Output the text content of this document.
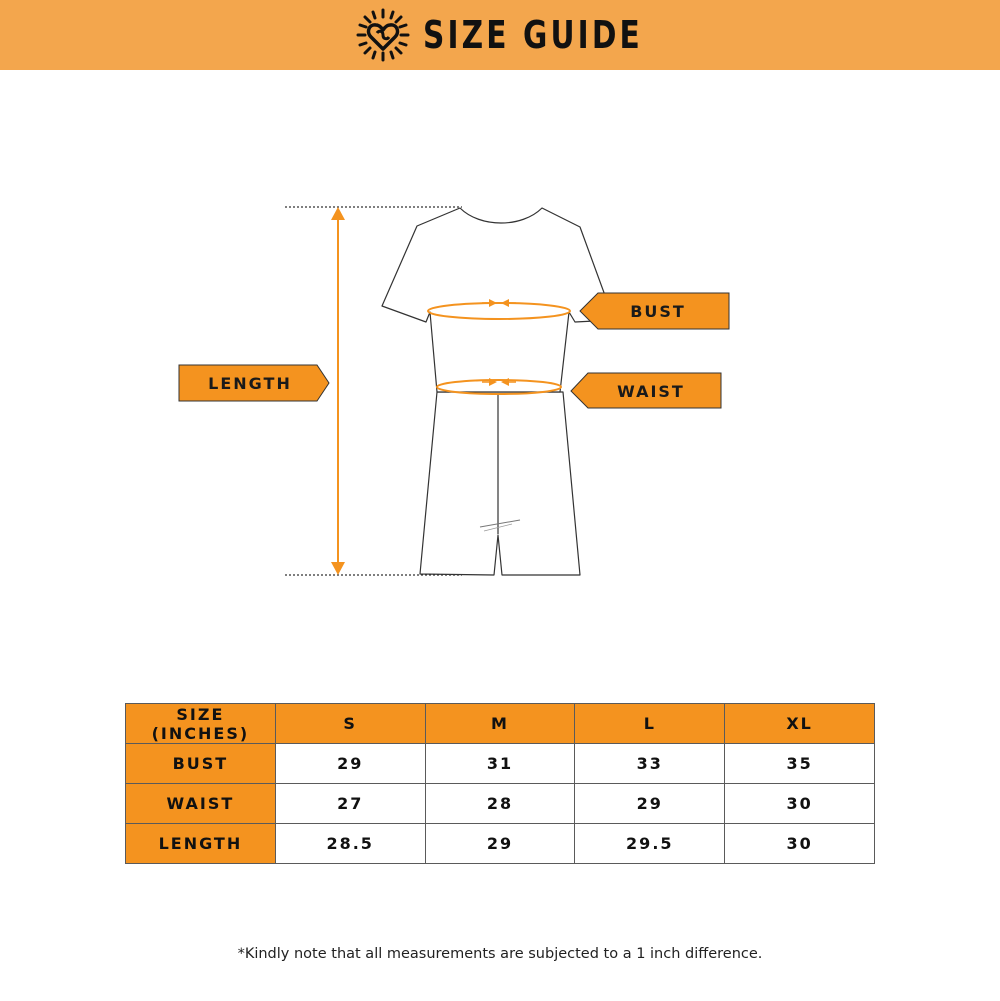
SIZE GUIDE
BUST
WAIST
LENGTH
SIZE (INCHES)	S	M	L	XL
BUST	29	31	33	35
WAIST	27	28	29	30
LENGTH	28.5	29	29.5	30
*Kindly note that all measurements are subjected to a 1 inch difference.
